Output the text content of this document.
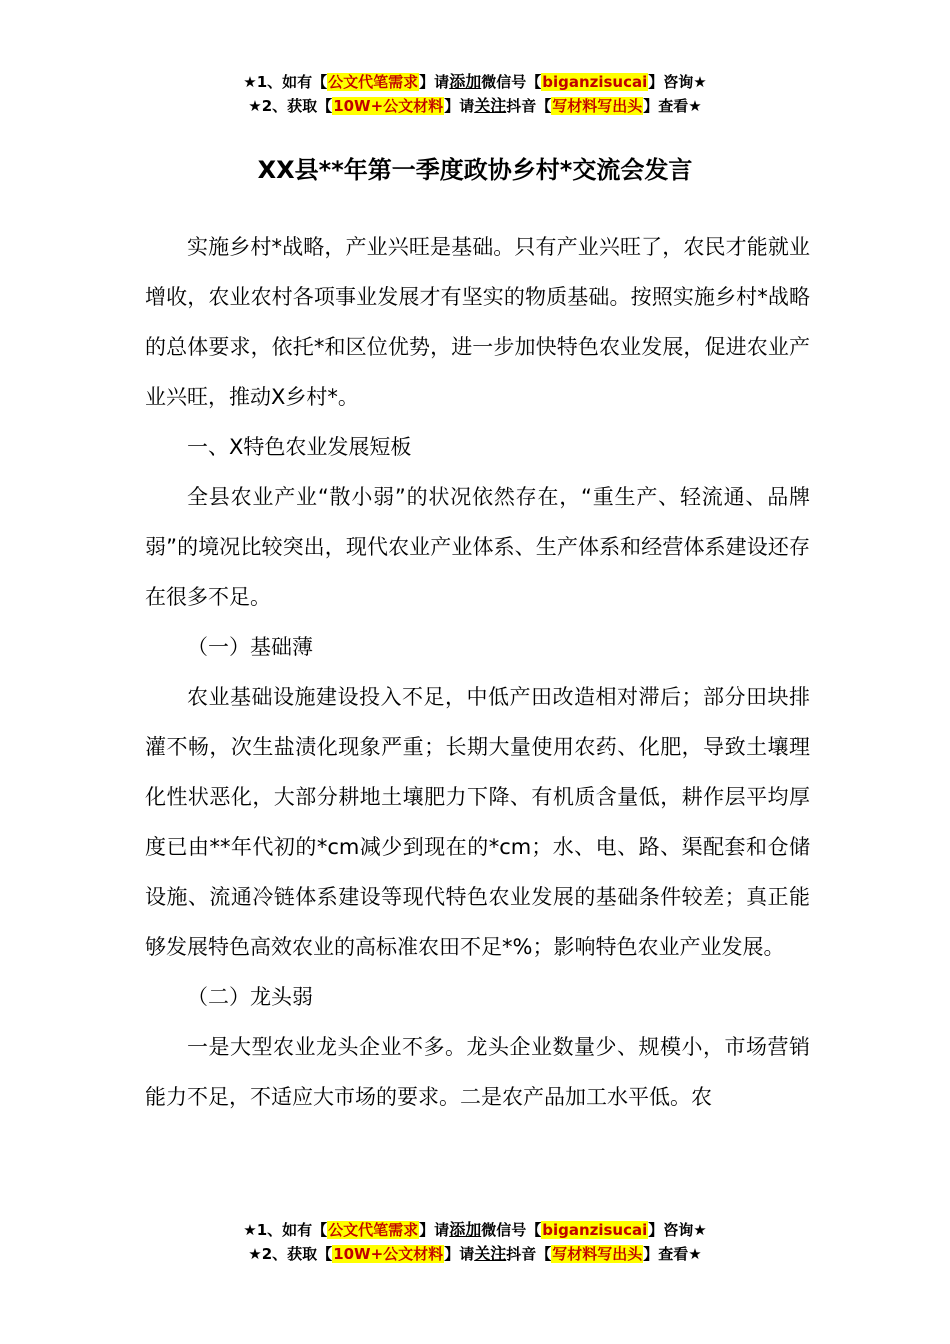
★1、如有【公文代笔需求】请添加微信号【biganzisucai】咨询★
★2、获取【10W+公文材料】请关注抖音【写材料写出头】查看★
XX县**年第一季度政协乡村*交流会发言

实施乡村*战略，产业兴旺是基础。只有产业兴旺了，农民才能就业增收，农业农村各项事业发展才有坚实的物质基础。按照实施乡村*战略的总体要求，依托*和区位优势，进一步加快特色农业发展，促进农业产业兴旺，推动X乡村*。

一、X特色农业发展短板

全县农业产业“散小弱”的状况依然存在，“重生产、轻流通、品牌弱”的境况比较突出，现代农业产业体系、生产体系和经营体系建设还存在很多不足。

（一）基础薄

农业基础设施建设投入不足，中低产田改造相对滞后；部分田块排灌不畅，次生盐渍化现象严重；长期大量使用农药、化肥，导致土壤理化性状恶化，大部分耕地土壤肥力下降、有机质含量低，耕作层平均厚度已由**年代初的*cm减少到现在的*cm；水、电、路、渠配套和仓储设施、流通冷链体系建设等现代特色农业发展的基础条件较差；真正能够发展特色高效农业的高标准农田不足*%；影响特色农业产业发展。

（二）龙头弱

一是大型农业龙头企业不多。龙头企业数量少、规模小，市场营销能力不足，不适应大市场的要求。二是农产品加工水平低。农

★1、如有【公文代笔需求】请添加微信号【biganzisucai】咨询★
★2、获取【10W+公文材料】请关注抖音【写材料写出头】查看★
